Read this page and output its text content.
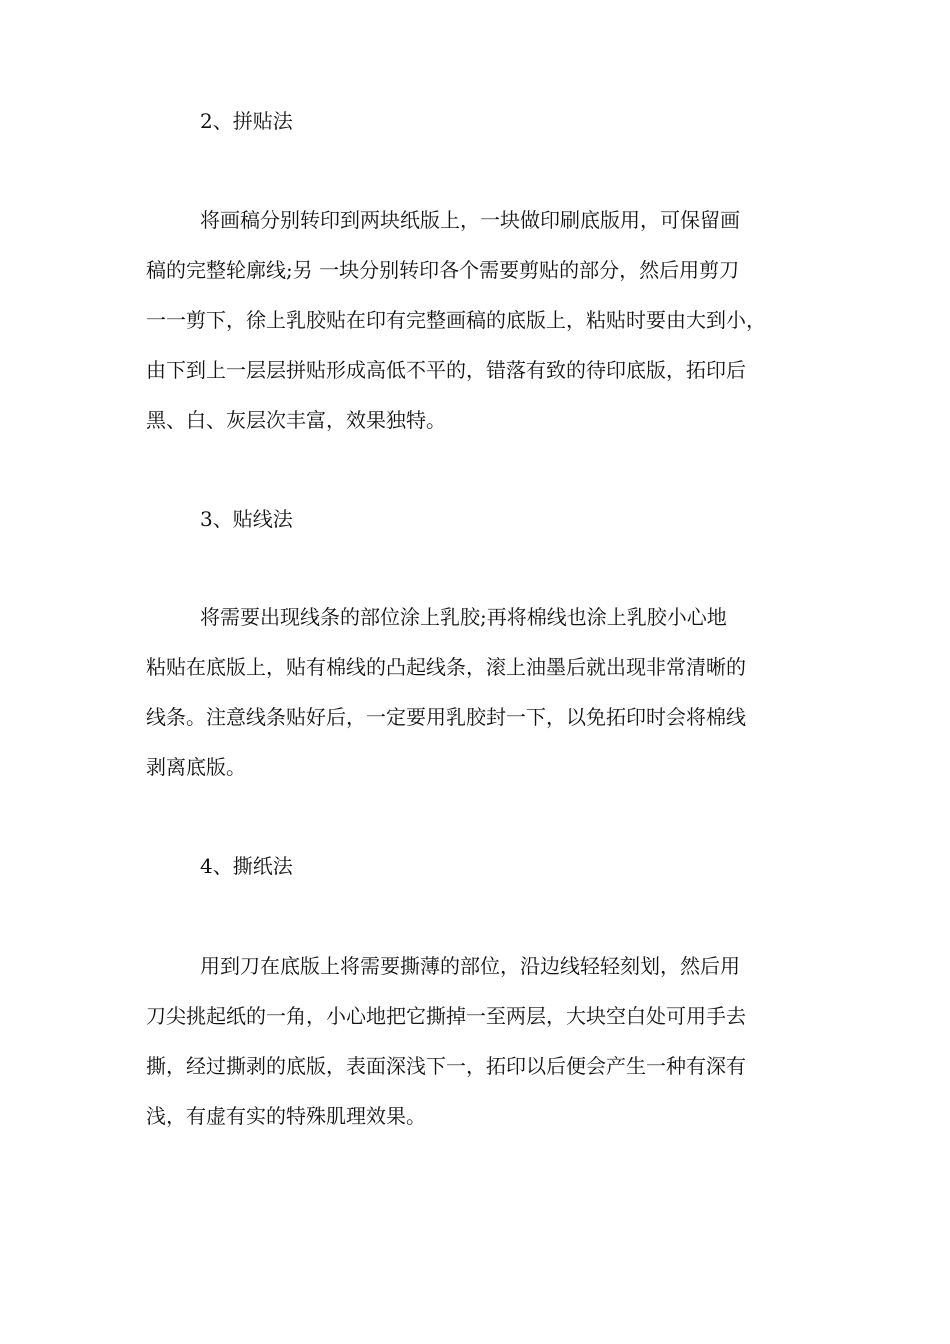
2、拼贴法

将画稿分别转印到两块纸版上，一块做印刷底版用，可保留画

稿的完整轮廓线;另 一块分别转印各个需要剪贴的部分，然后用剪刀

一一剪下，徐上乳胶贴在印有完整画稿的底版上，粘贴时要由大到小，

由下到上一层层拼贴形成高低不平的，错落有致的待印底版，拓印后

黑、白、灰层次丰富，效果独特。

3、贴线法

将需要出现线条的部位涂上乳胶;再将棉线也涂上乳胶小心地

粘贴在底版上，贴有棉线的凸起线条，滚上油墨后就出现非常清晰的

线条。注意线条贴好后，一定要用乳胶封一下，以免拓印时会将棉线

剥离底版。

4、撕纸法

用到刀在底版上将需要撕薄的部位，沿边线轻轻刻划，然后用

刀尖挑起纸的一角，小心地把它撕掉一至两层，大块空白处可用手去

撕，经过撕剥的底版，表面深浅下一，拓印以后便会产生一种有深有

浅，有虚有实的特殊肌理效果。
